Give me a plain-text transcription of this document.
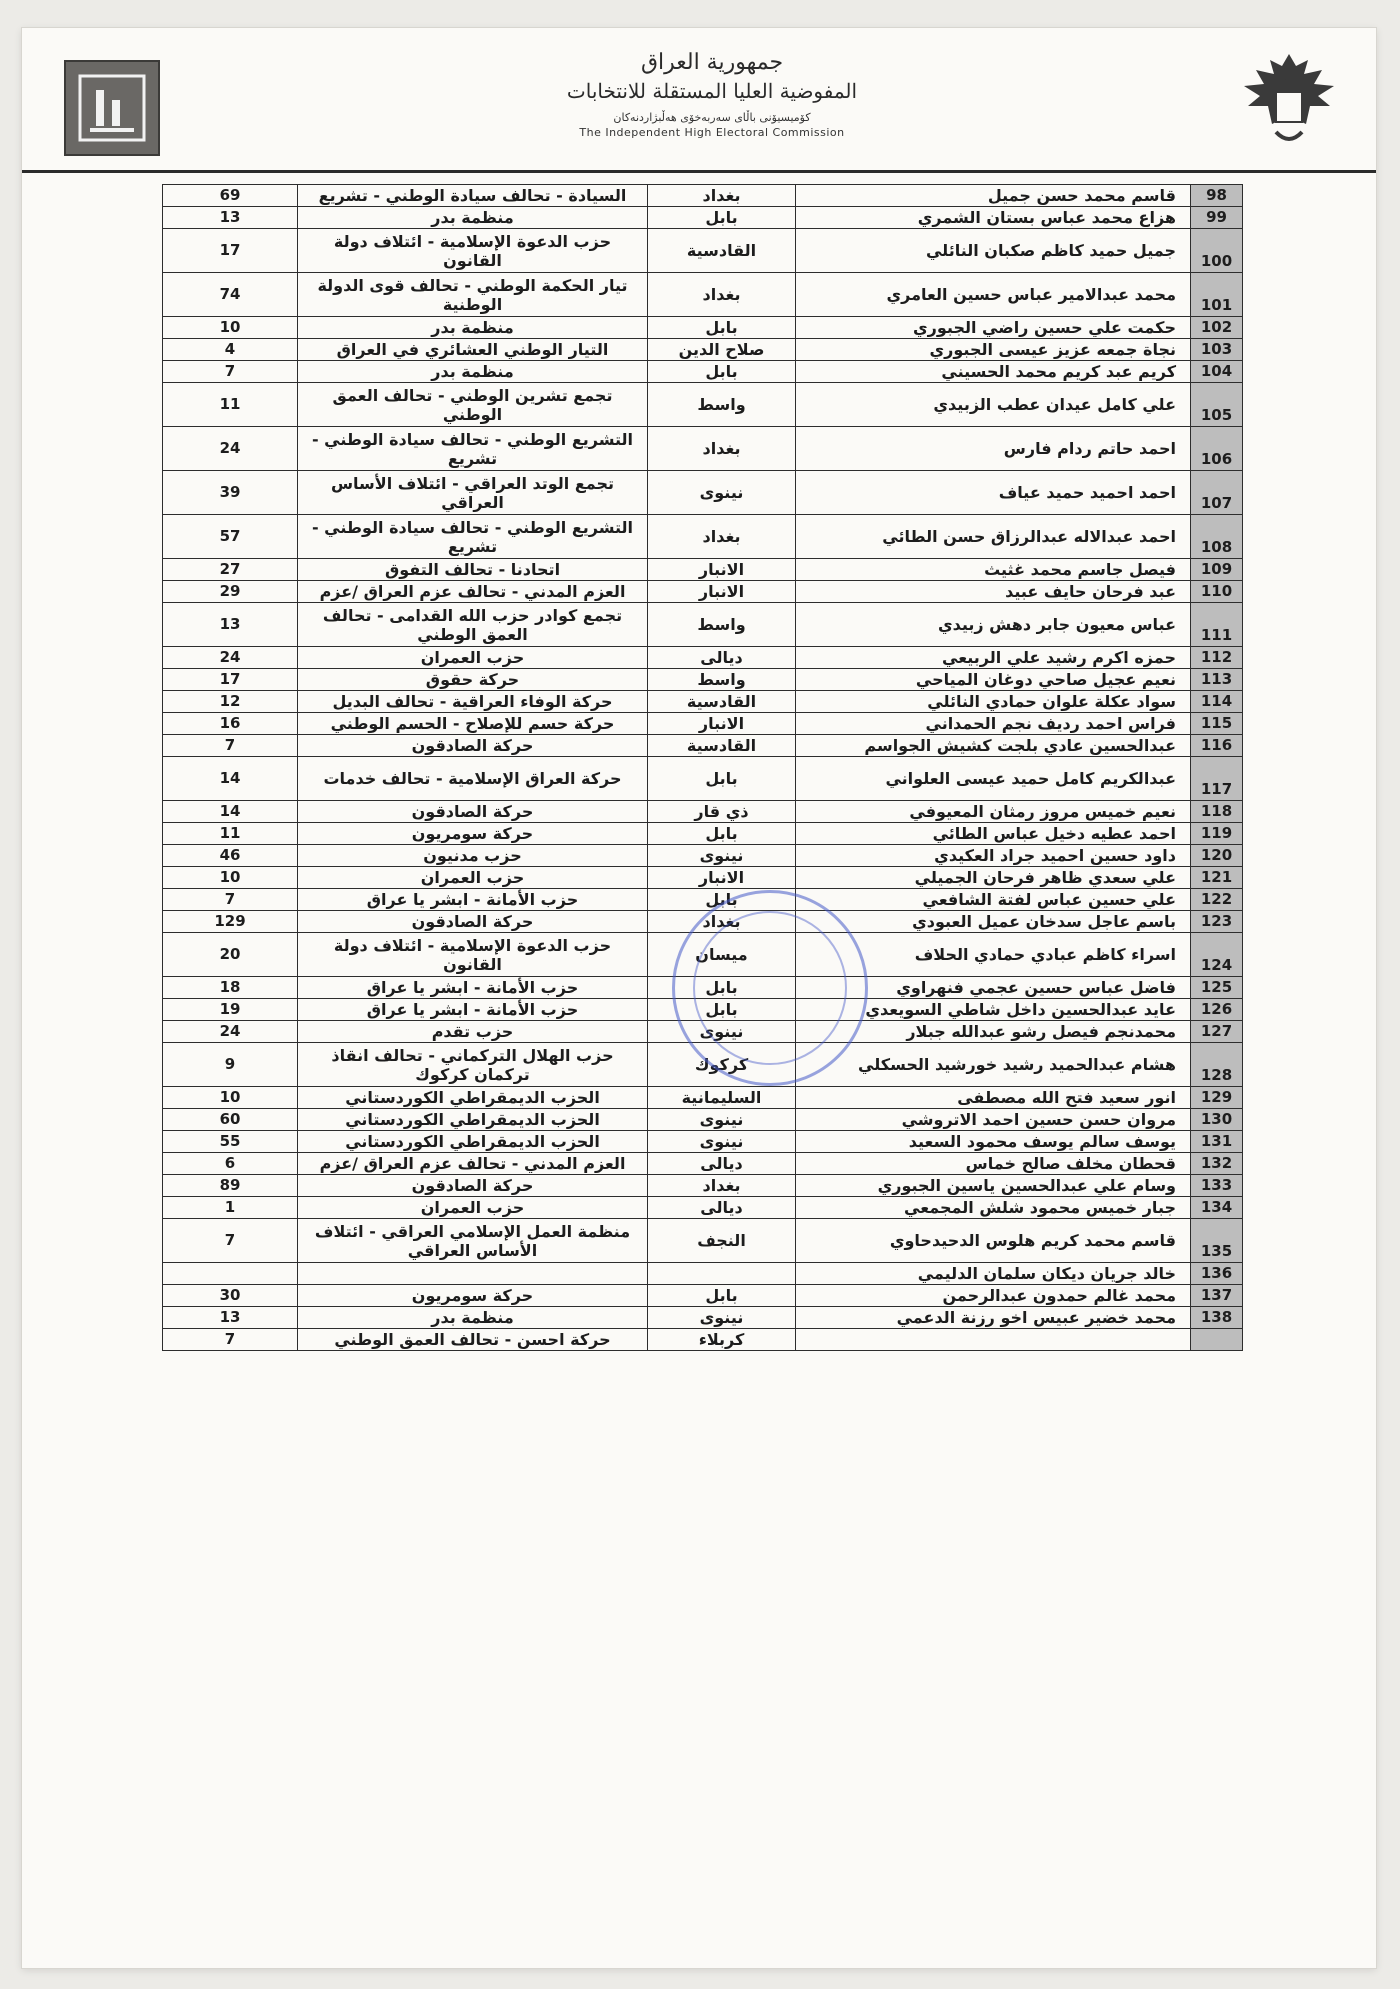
جمهورية العراق
المفوضية العليا المستقلة للانتخابات
کۆمیسیۆنی باڵای سەربەخۆی هەڵبژاردنەکان
The Independent High Electoral Commission
98	قاسم محمد حسن جميل	بغداد	السيادة - تحالف سيادة الوطني - تشريع	69
99	هزاع محمد عباس بستان الشمري	بابل	منظمة بدر	13
100	جميل حميد كاظم صكبان النائلي	القادسية	حزب الدعوة الإسلامية - ائتلاف دولة القانون	17
101	محمد عبدالامير عباس حسين العامري	بغداد	تيار الحكمة الوطني - تحالف قوى الدولة الوطنية	74
102	حكمت علي حسين راضي الجبوري	بابل	منظمة بدر	10
103	نجاة جمعه عزيز عيسى الجبوري	صلاح الدين	التيار الوطني العشائري في العراق	4
104	كريم عبد كريم محمد الحسيني	بابل	منظمة بدر	7
105	علي كامل عيدان عطب الزبيدي	واسط	تجمع تشرين الوطني - تحالف العمق الوطني	11
106	احمد حاتم ردام فارس	بغداد	التشريع الوطني - تحالف سيادة الوطني - تشريع	24
107	احمد احميد حميد عياف	نينوى	تجمع الوتد العراقي - ائتلاف الأساس العراقي	39
108	احمد عبدالاله عبدالرزاق حسن الطائي	بغداد	التشريع الوطني - تحالف سيادة الوطني - تشريع	57
109	فيصل جاسم محمد غثيث	الانبار	اتحادنا - تحالف التفوق	27
110	عبد فرحان حايف عبيد	الانبار	العزم المدني - تحالف عزم العراق /عزم	29
111	عباس معيون جابر دهش زبيدي	واسط	تجمع كوادر حزب الله القدامى - تحالف العمق الوطني	13
112	حمزه اكرم رشيد علي الربيعي	ديالى	حزب العمران	24
113	نعيم عجيل صاحي دوغان المياحي	واسط	حركة حقوق	17
114	سواد عكلة علوان حمادي النائلي	القادسية	حركة الوفاء العراقية - تحالف البديل	12
115	فراس احمد رديف نجم الحمداني	الانبار	حركة حسم للإصلاح - الحسم الوطني	16
116	عبدالحسين عادي بلجت كشيش الجواسم	القادسية	حركة الصادقون	7
117	عبدالكريم كامل حميد عيسى العلواني	بابل	حركة العراق الإسلامية - تحالف خدمات	14
118	نعيم خميس مروز رمثان المعيوفي	ذي قار	حركة الصادقون	14
119	احمد عطيه دخيل عباس الطائي	بابل	حركة سومريون	11
120	داود حسين احميد جراد العكيدي	نينوى	حزب مدنيون	46
121	علي سعدي ظاهر فرحان الجميلي	الانبار	حزب العمران	10
122	علي حسين عباس لفتة الشافعي	بابل	حزب الأمانة - ابشر يا عراق	7
123	باسم عاجل سدخان عميل العبودي	بغداد	حركة الصادقون	129
124	اسراء كاظم عبادي حمادي الحلاف	ميسان	حزب الدعوة الإسلامية - ائتلاف دولة القانون	20
125	فاضل عباس حسين عجمي فنهراوي	بابل	حزب الأمانة - ابشر يا عراق	18
126	عايد عبدالحسين داخل شاطي السويعدي	بابل	حزب الأمانة - ابشر يا عراق	19
127	محمدنجم فيصل رشو عبدالله جبلار	نينوى	حزب تقدم	24
128	هشام عبدالحميد رشيد خورشيد الحسكلي	كركوك	حزب الهلال التركماني - تحالف انقاذ تركمان كركوك	9
129	انور سعيد فتح الله مصطفى	السليمانية	الحزب الديمقراطي الكوردستاني	10
130	مروان حسن حسين احمد الاتروشي	نينوى	الحزب الديمقراطي الكوردستاني	60
131	يوسف سالم يوسف محمود السعيد	نينوى	الحزب الديمقراطي الكوردستاني	55
132	قحطان مخلف صالح خماس	ديالى	العزم المدني - تحالف عزم العراق /عزم	6
133	وسام علي عبدالحسين ياسين الجبوري	بغداد	حركة الصادقون	89
134	جبار خميس محمود شلش المجمعي	ديالى	حزب العمران	1
135	قاسم محمد كريم هلوس الدحيدحاوي	النجف	منظمة العمل الإسلامي العراقي - ائتلاف الأساس العراقي	7
136	خالد جريان ديكان سلمان الدليمي			
137	محمد غالم حمدون عبدالرحمن	بابل	حركة سومريون	30
138	محمد خضير عبيس اخو رزنة الدعمي	نينوى	منظمة بدر	13
		كربلاء	حركة احسن - تحالف العمق الوطني	7
